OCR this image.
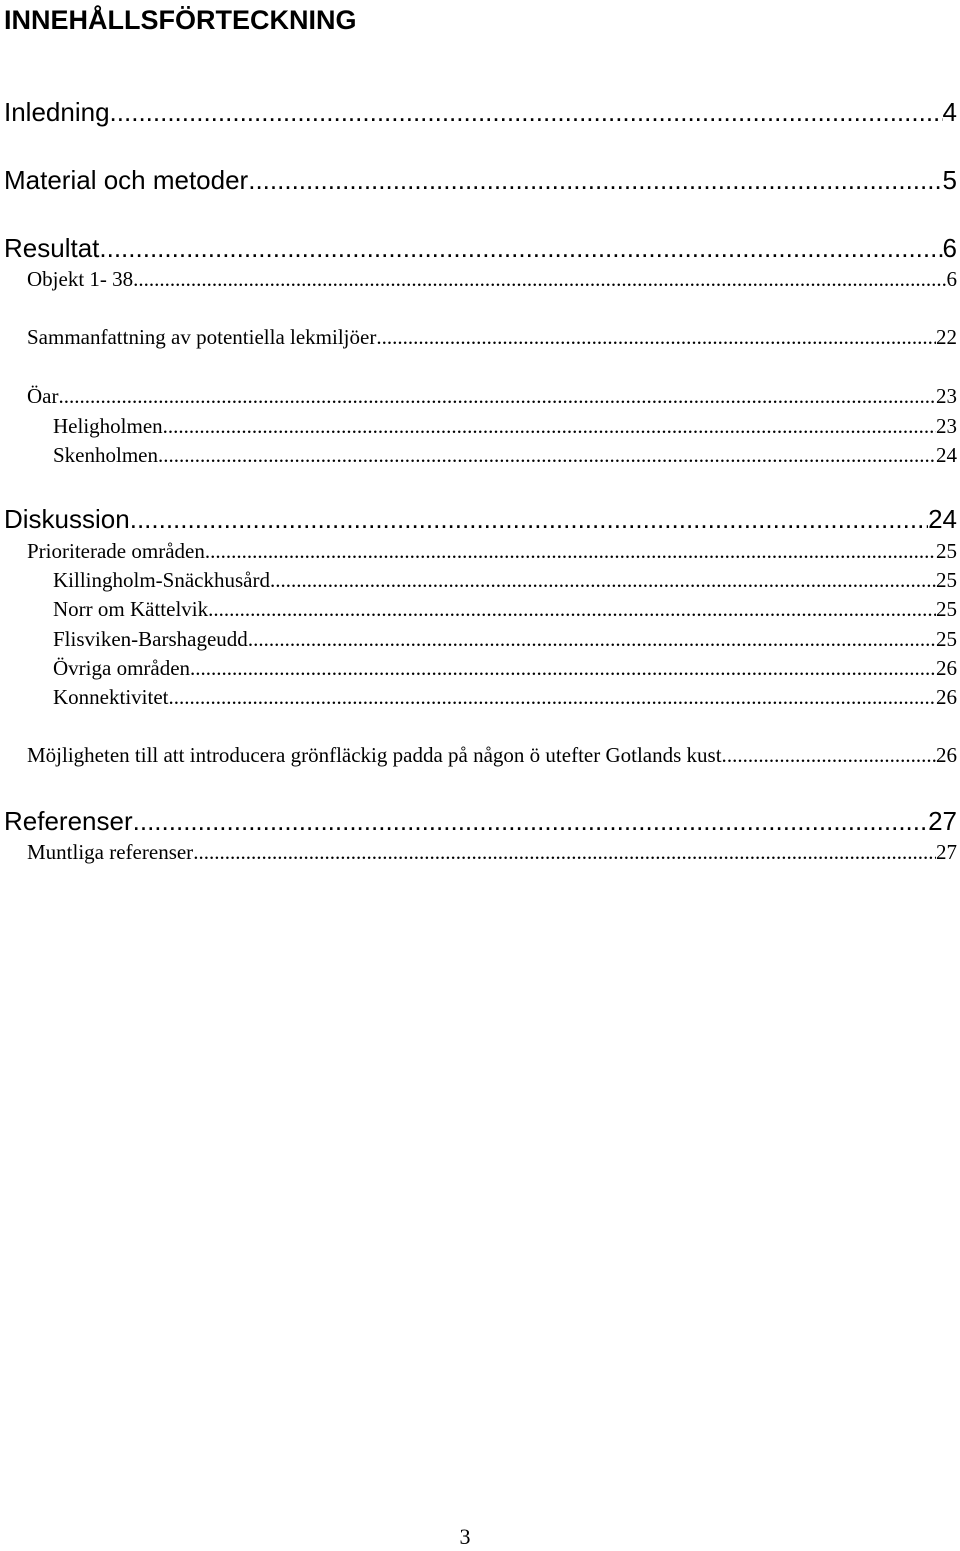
INNEHÅLLSFÖRTECKNING
Inledning .....	4
Material och metoder .....	5
Resultat .....	6
Objekt 1- 38 .....	6
Sammanfattning av potentiella lekmiljöer .....	22
Öar .....	23
Heligholmen .....	23
Skenholmen .....	24
Diskussion .....	24
Prioriterade områden .....	25
Killingholm-Snäckhusård .....	25
Norr om Kättelvik .....	25
Flisviken-Barshageudd .....	25
Övriga områden .....	26
Konnektivitet .....	26
Möjligheten till att introducera grönfläckig padda på någon ö utefter Gotlands kust. .....	26
Referenser .....	27
Muntliga referenser .....	27
3
